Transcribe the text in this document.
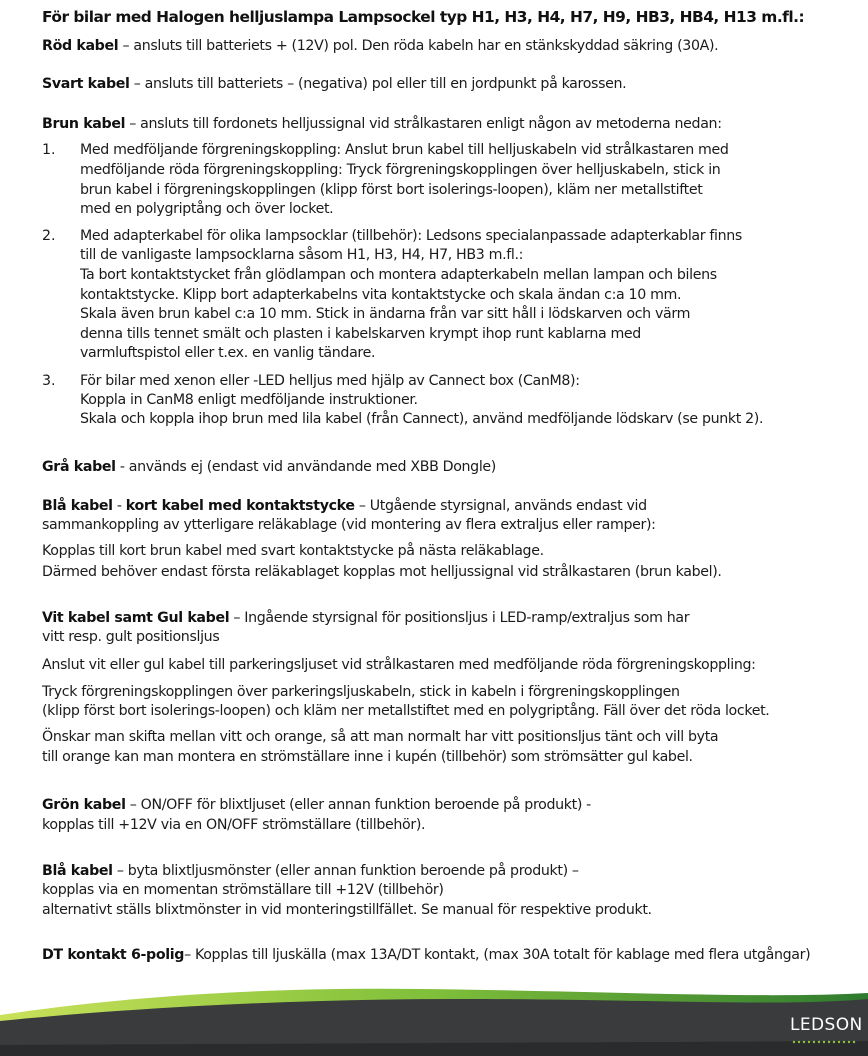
För bilar med Halogen helljuslampa Lampsockel typ H1, H3, H4, H7, H9, HB3, HB4, H13 m.fl.:
Röd kabel – ansluts till batteriets + (12V) pol. Den röda kabeln har en stänkskyddad säkring (30A).
Svart kabel – ansluts till batteriets – (negativa) pol eller till en jordpunkt på karossen.
Brun kabel – ansluts till fordonets helljussignal vid strålkastaren enligt någon av metoderna nedan:
1. Med medföljande förgreningskoppling: Anslut brun kabel till helljuskabeln vid strålkastaren med
medföljande röda förgreningskoppling: Tryck förgreningskopplingen över helljuskabeln, stick in
brun kabel i förgreningskopplingen (klipp först bort isolerings-loopen), kläm ner metallstiftet
med en polygriptång och över locket.
2. Med adapterkabel för olika lampsocklar (tillbehör): Ledsons specialanpassade adapterkablar finns
till de vanligaste lampsocklarna såsom H1, H3, H4, H7, HB3 m.fl.:
Ta bort kontaktstycket från glödlampan och montera adapterkabeln mellan lampan och bilens
kontaktstycke. Klipp bort adapterkabelns vita kontaktstycke och skala ändan c:a 10 mm.
Skala även brun kabel c:a 10 mm. Stick in ändarna från var sitt håll i lödskarven och värm
denna tills tennet smält och plasten i kabelskarven krympt ihop runt kablarna med
varmluftspistol eller t.ex. en vanlig tändare.
3. För bilar med xenon eller -LED helljus med hjälp av Cannect box (CanM8):
Koppla in CanM8 enligt medföljande instruktioner.
Skala och koppla ihop brun med lila kabel (från Cannect), använd medföljande lödskarv (se punkt 2).
Grå kabel - används ej (endast vid användande med XBB Dongle)
Blå kabel - kort kabel med kontaktstycke – Utgående styrsignal, används endast vid
sammankoppling av ytterligare reläkablage (vid montering av flera extraljus eller ramper):
Kopplas till kort brun kabel med svart kontaktstycke på nästa reläkablage.
Därmed behöver endast första reläkablaget kopplas mot helljussignal vid strålkastaren (brun kabel).
Vit kabel samt Gul kabel – Ingående styrsignal för positionsljus i LED-ramp/extraljus som har
vitt resp. gult positionsljus
Anslut vit eller gul kabel till parkeringsljuset vid strålkastaren med medföljande röda förgreningskoppling:
Tryck förgreningskopplingen över parkeringsljuskabeln, stick in kabeln i förgreningskopplingen
(klipp först bort isolerings-loopen) och kläm ner metallstiftet med en polygriptång. Fäll över det röda locket.
Önskar man skifta mellan vitt och orange, så att man normalt har vitt positionsljus tänt och vill byta
till orange kan man montera en strömställare inne i kupén (tillbehör) som strömsätter gul kabel.
Grön kabel – ON/OFF för blixtljuset (eller annan funktion beroende på produkt) -
kopplas till +12V via en ON/OFF strömställare (tillbehör).
Blå kabel – byta blixtljusmönster (eller annan funktion beroende på produkt) –
kopplas via en momentan strömställare till +12V (tillbehör)
alternativt ställs blixtmönster in vid monteringstillfället. Se manual för respektive produkt.
DT kontakt 6-polig– Kopplas till ljuskälla (max 13A/DT kontakt, (max 30A totalt för kablage med flera utgångar)
LEDSON
